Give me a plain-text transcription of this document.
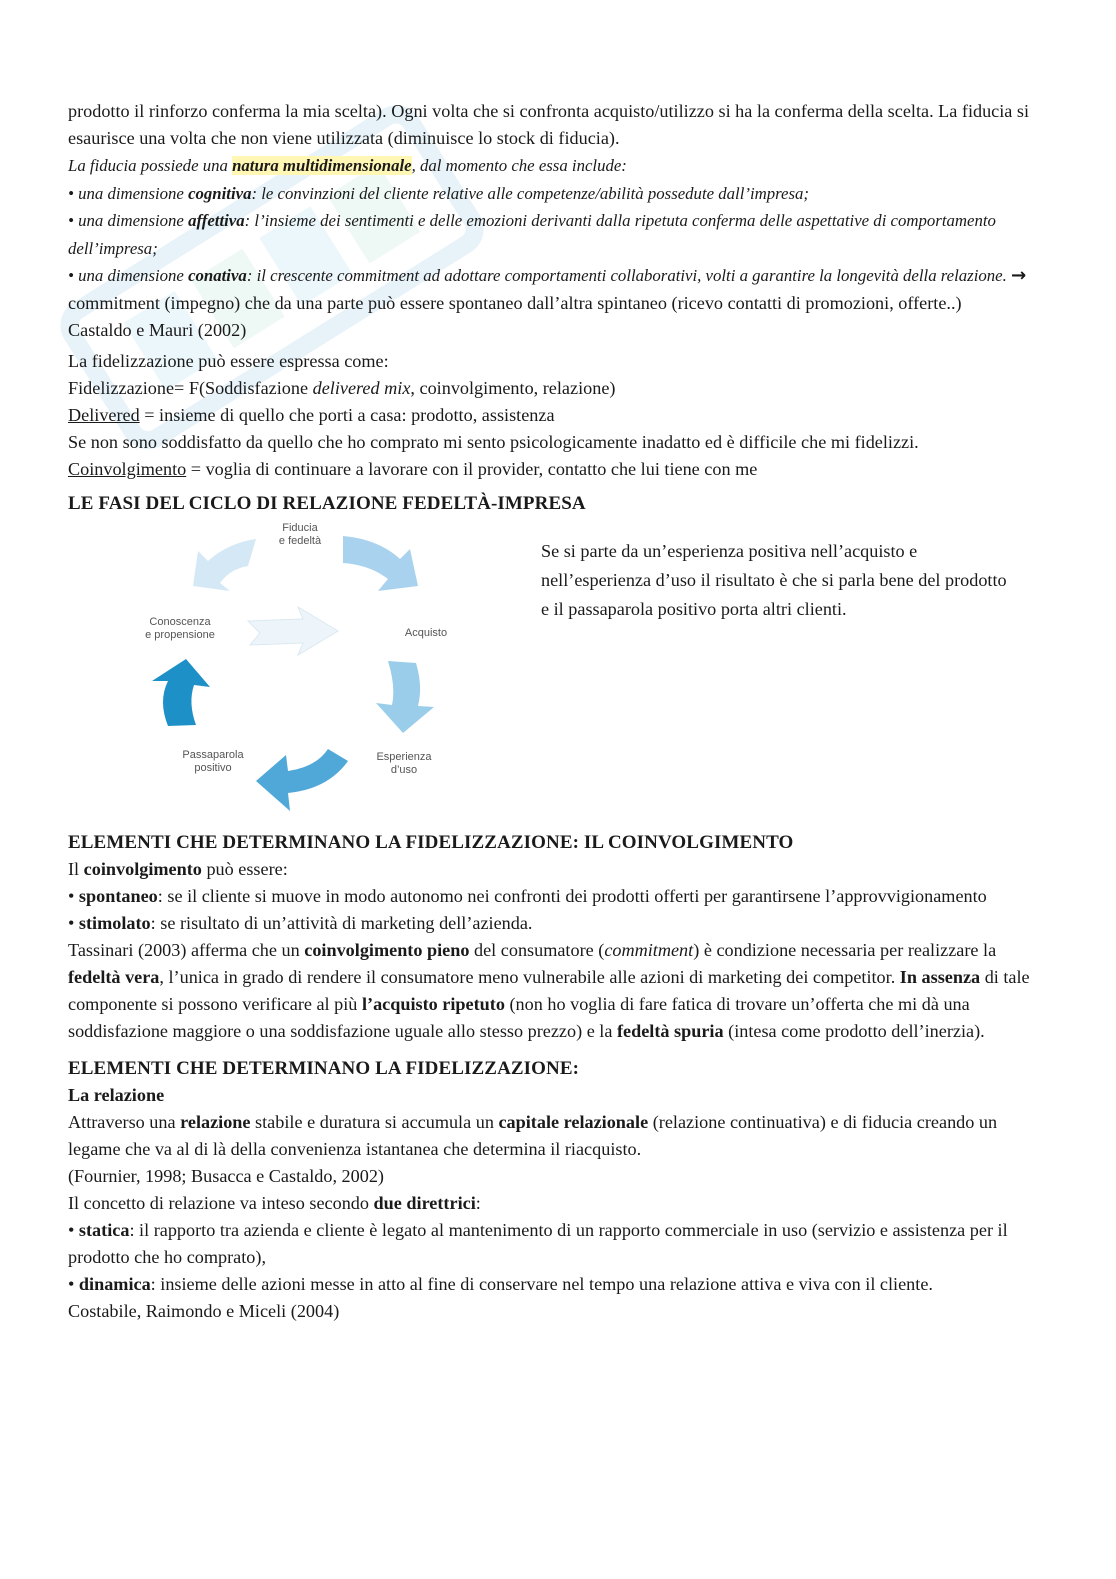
prodotto il rinforzo conferma la mia scelta). Ogni volta che si confronta acquisto/utilizzo si ha la conferma della scelta. La fiducia si esaurisce una volta che non viene utilizzata (diminuisce lo stock di fiducia).

La fiducia possiede una natura multidimensionale, dal momento che essa include:

• una dimensione cognitiva: le convinzioni del cliente relative alle competenze/abilità possedute dall’impresa;

• una dimensione affettiva: l’insieme dei sentimenti e delle emozioni derivanti dalla ripetuta conferma delle aspettative di comportamento dell’impresa;

• una dimensione conativa: il crescente commitment ad adottare comportamenti collaborativi, volti a garantire la longevità della relazione. → commitment (impegno) che da una parte può essere spontaneo dall’altra spintaneo (ricevo contatti di promozioni, offerte..)

Castaldo e Mauri (2002)

La fidelizzazione può essere espressa come:

Fidelizzazione= F(Soddisfazione delivered mix, coinvolgimento, relazione)

Delivered = insieme di quello che porti a casa: prodotto, assistenza

Se non sono soddisfatto da quello che ho comprato mi sento psicologicamente inadatto ed è difficile che mi fidelizzi.

Coinvolgimento = voglia di continuare a lavorare con il provider, contatto che lui tiene con me

LE FASI DEL CICLO DI RELAZIONE FEDELTÀ-IMPRESA
Fiducia
e fedeltà
Acquisto
Esperienza
d’uso
Passaparola
positivo
Conoscenza
e propensione

Se si parte da un’esperienza positiva nell’acquisto e nell’esperienza d’uso il risultato è che si parla bene del prodotto e il passaparola positivo porta altri clienti.

ELEMENTI CHE DETERMINANO LA FIDELIZZAZIONE: IL COINVOLGIMENTO

Il coinvolgimento può essere:

• spontaneo: se il cliente si muove in modo autonomo nei confronti dei prodotti offerti per garantirsene l’approvvigionamento

• stimolato: se risultato di un’attività di marketing dell’azienda.

Tassinari (2003) afferma che un coinvolgimento pieno del consumatore (commitment) è condizione necessaria per realizzare la fedeltà vera, l’unica in grado di rendere il consumatore meno vulnerabile alle azioni di marketing dei competitor. In assenza di tale componente si possono verificare al più l’acquisto ripetuto (non ho voglia di fare fatica di trovare un’offerta che mi dà una soddisfazione maggiore o una soddisfazione uguale allo stesso prezzo) e la fedeltà spuria (intesa come prodotto dell’inerzia).

ELEMENTI CHE DETERMINANO LA FIDELIZZAZIONE:

La relazione

Attraverso una relazione stabile e duratura si accumula un capitale relazionale (relazione continuativa) e di fiducia creando un legame che va al di là della convenienza istantanea che determina il riacquisto.

(Fournier, 1998; Busacca e Castaldo, 2002)

Il concetto di relazione va inteso secondo due direttrici:

• statica: il rapporto tra azienda e cliente è legato al mantenimento di un rapporto commerciale in uso (servizio e assistenza per il prodotto che ho comprato),

• dinamica: insieme delle azioni messe in atto al fine di conservare nel tempo una relazione attiva e viva con il cliente.

Costabile, Raimondo e Miceli (2004)
